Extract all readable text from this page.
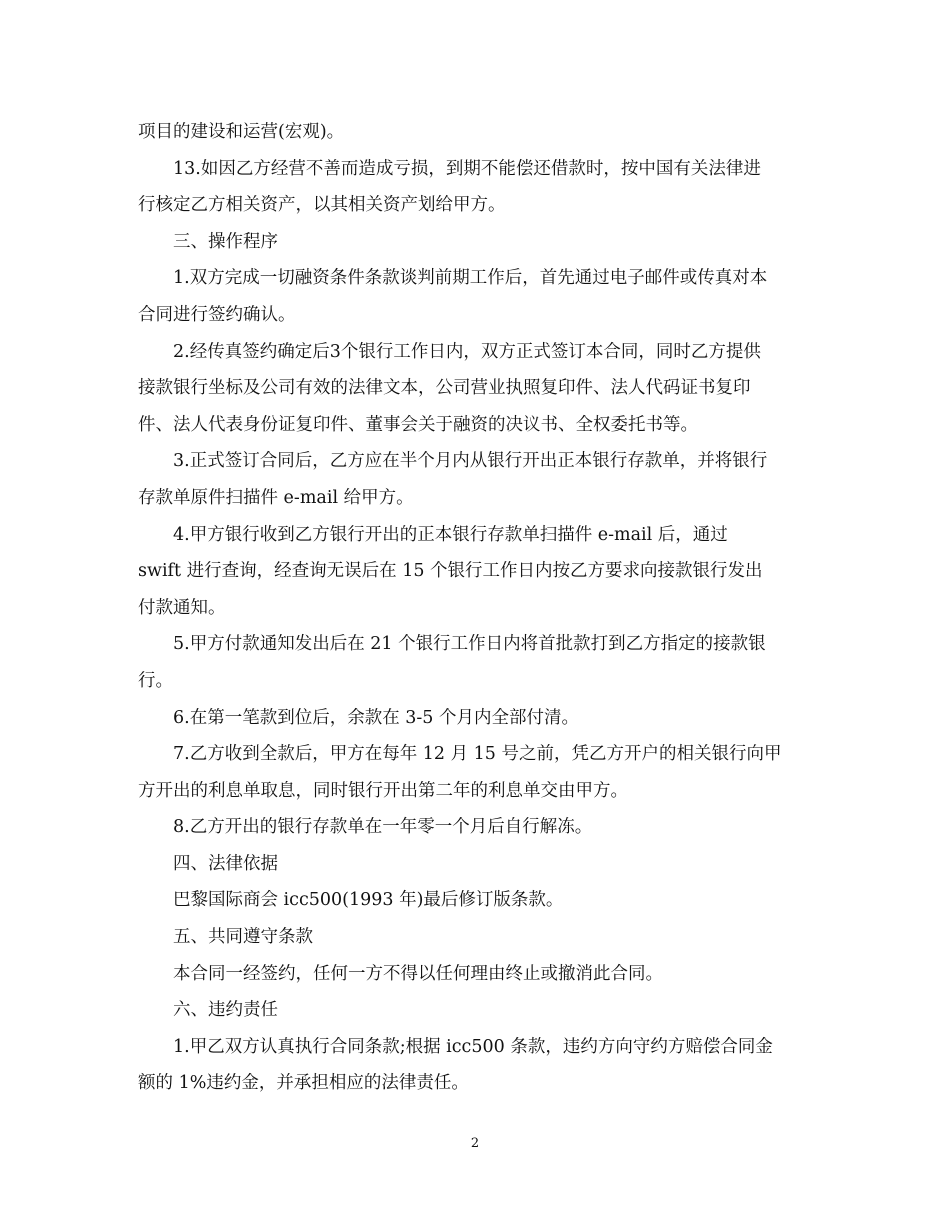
项目的建设和运营(宏观)。
13.如因乙方经营不善而造成亏损，到期不能偿还借款时，按中国有关法律进
行核定乙方相关资产，以其相关资产划给甲方。
三、操作程序
1.双方完成一切融资条件条款谈判前期工作后，首先通过电子邮件或传真对本
合同进行签约确认。
2.经传真签约确定后3个银行工作日内，双方正式签订本合同，同时乙方提供
接款银行坐标及公司有效的法律文本，公司营业执照复印件、法人代码证书复印
件、法人代表身份证复印件、董事会关于融资的决议书、全权委托书等。
3.正式签订合同后，乙方应在半个月内从银行开出正本银行存款单，并将银行
存款单原件扫描件 e-mail 给甲方。
4.甲方银行收到乙方银行开出的正本银行存款单扫描件 e-mail 后，通过
swift 进行查询，经查询无误后在 15 个银行工作日内按乙方要求向接款银行发出
付款通知。
5.甲方付款通知发出后在 21 个银行工作日内将首批款打到乙方指定的接款银
行。
6.在第一笔款到位后，余款在 3-5 个月内全部付清。
7.乙方收到全款后，甲方在每年 12 月 15 号之前，凭乙方开户的相关银行向甲
方开出的利息单取息，同时银行开出第二年的利息单交由甲方。
8.乙方开出的银行存款单在一年零一个月后自行解冻。
四、法律依据
巴黎国际商会 icc500(1993 年)最后修订版条款。
五、共同遵守条款
本合同一经签约，任何一方不得以任何理由终止或撤消此合同。
六、违约责任
1.甲乙双方认真执行合同条款;根据 icc500 条款，违约方向守约方赔偿合同金
额的 1%违约金，并承担相应的法律责任。
2
